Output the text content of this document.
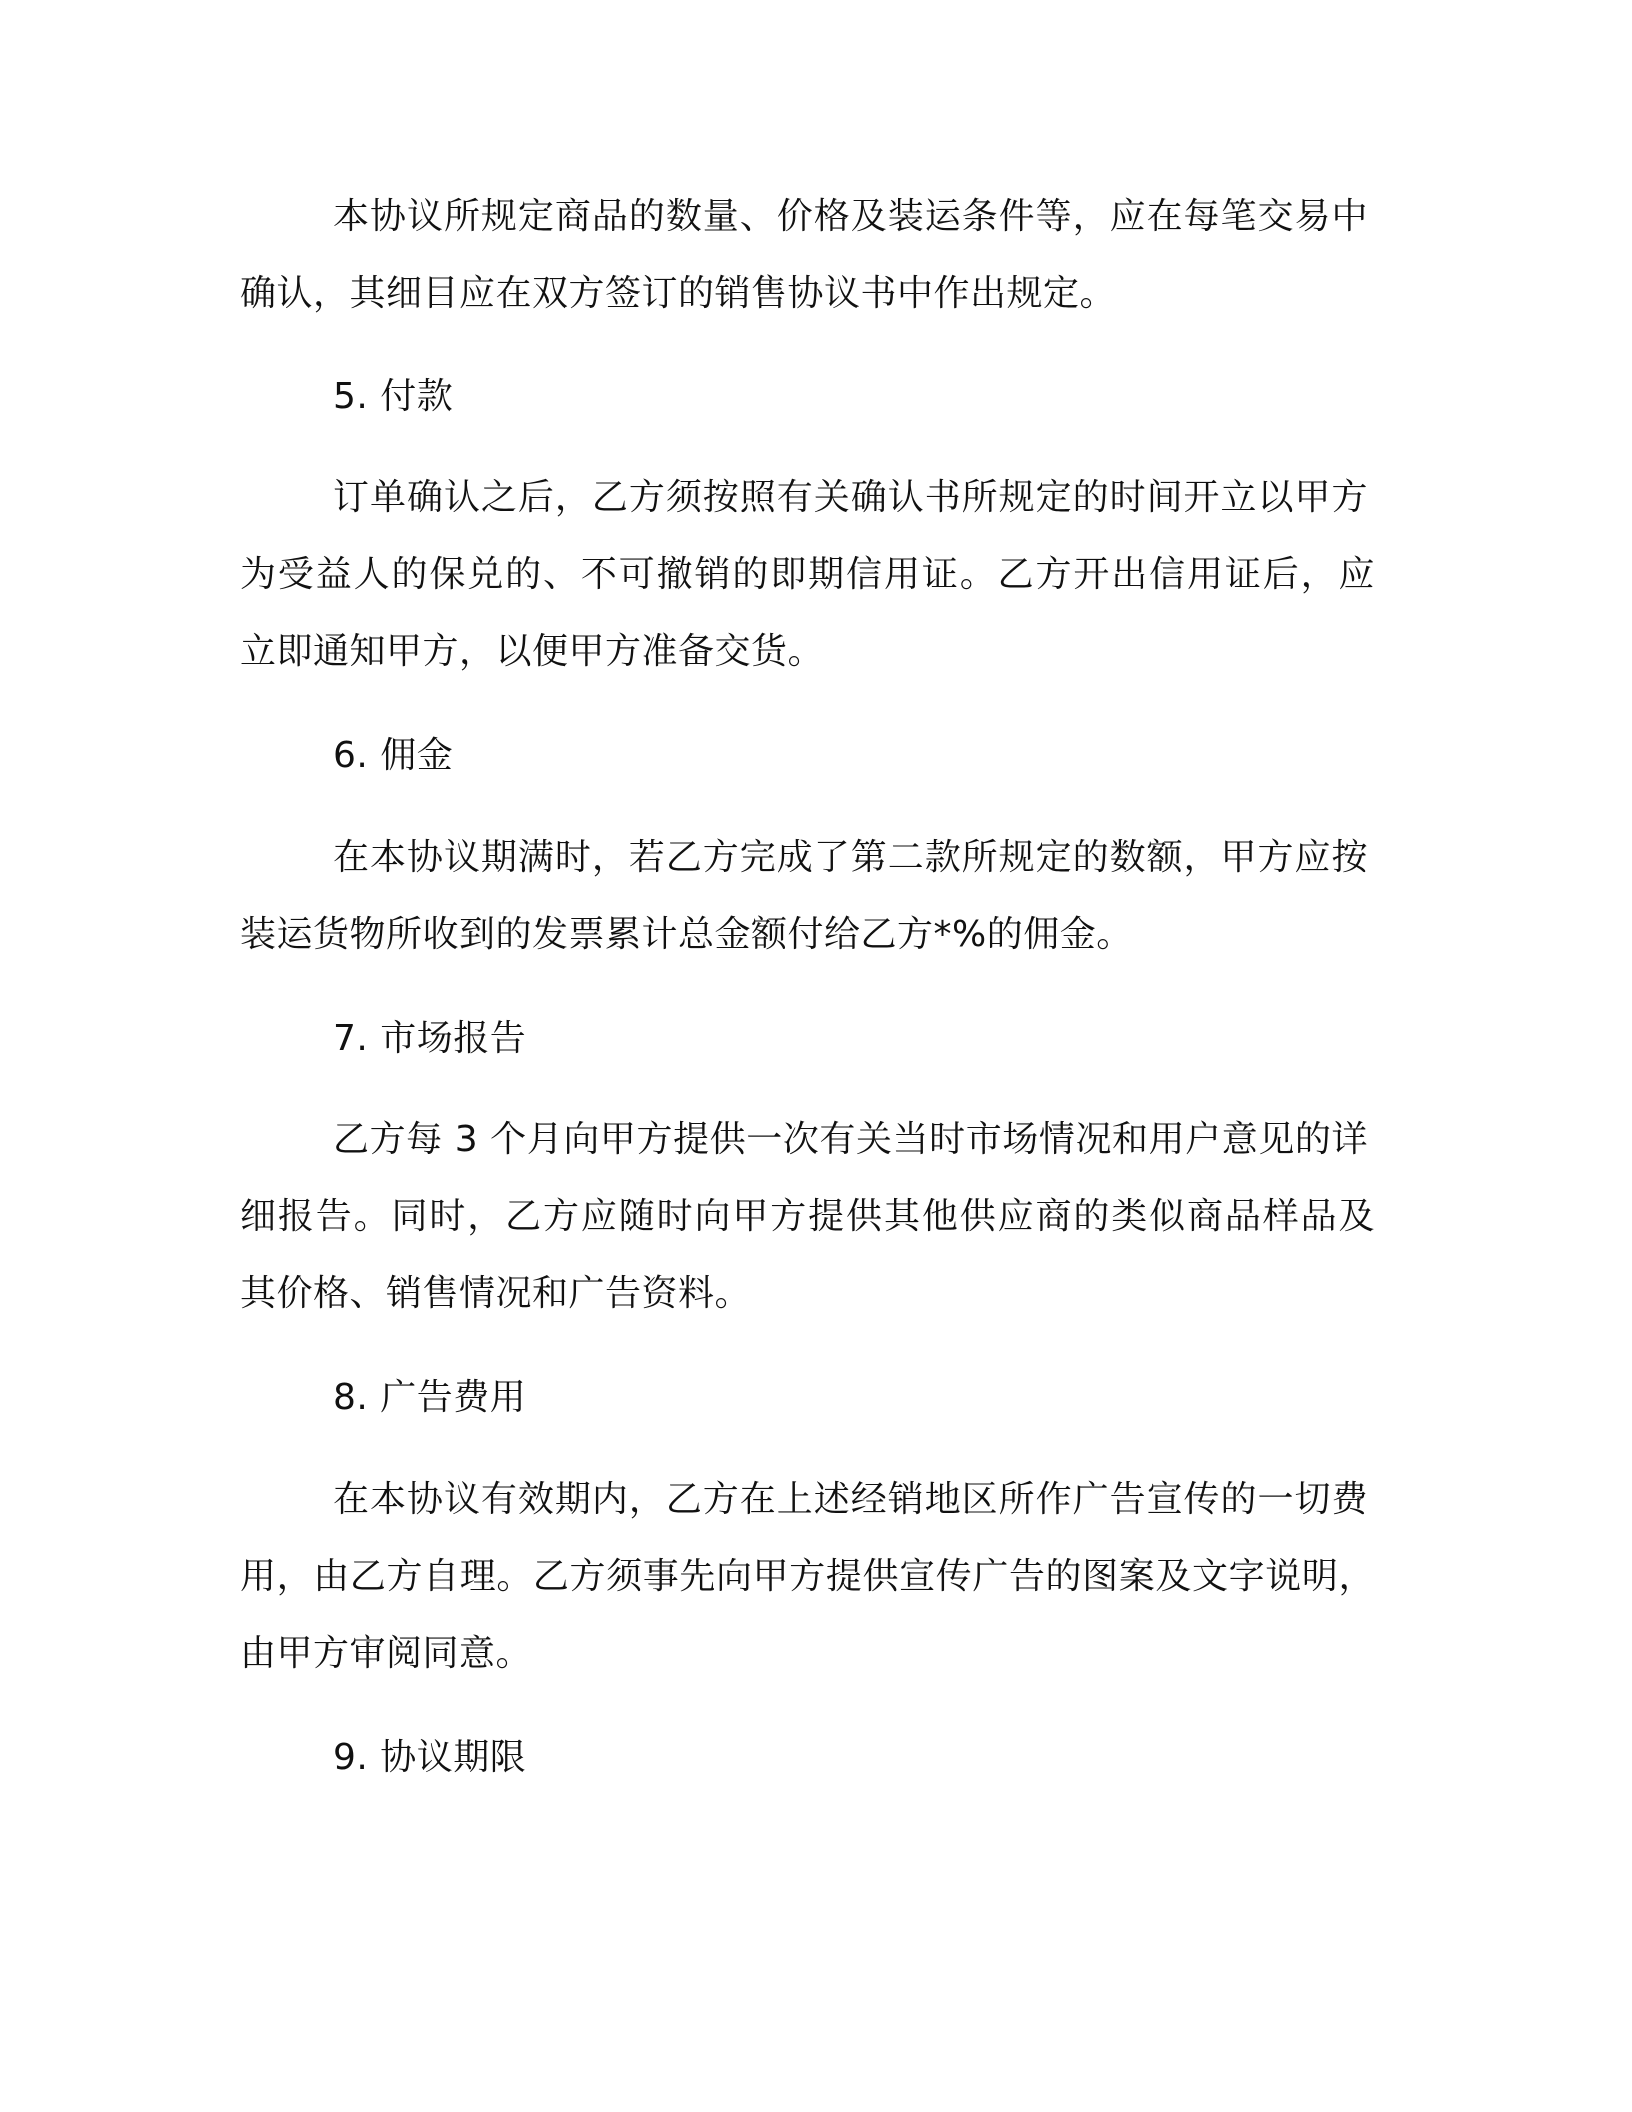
本协议所规定商品的数量、价格及装运条件等，应在每笔交易中

确认，其细目应在双方签订的销售协议书中作出规定。

5. 付款

订单确认之后，乙方须按照有关确认书所规定的时间开立以甲方

为受益人的保兑的、不可撤销的即期信用证。乙方开出信用证后，应

立即通知甲方，以便甲方准备交货。

6. 佣金

在本协议期满时，若乙方完成了第二款所规定的数额，甲方应按

装运货物所收到的发票累计总金额付给乙方*%的佣金。

7. 市场报告

乙方每 3 个月向甲方提供一次有关当时市场情况和用户意见的详

细报告。同时，乙方应随时向甲方提供其他供应商的类似商品样品及

其价格、销售情况和广告资料。

8. 广告费用

在本协议有效期内，乙方在上述经销地区所作广告宣传的一切费

用，由乙方自理。乙方须事先向甲方提供宣传广告的图案及文字说明，

由甲方审阅同意。

9. 协议期限
